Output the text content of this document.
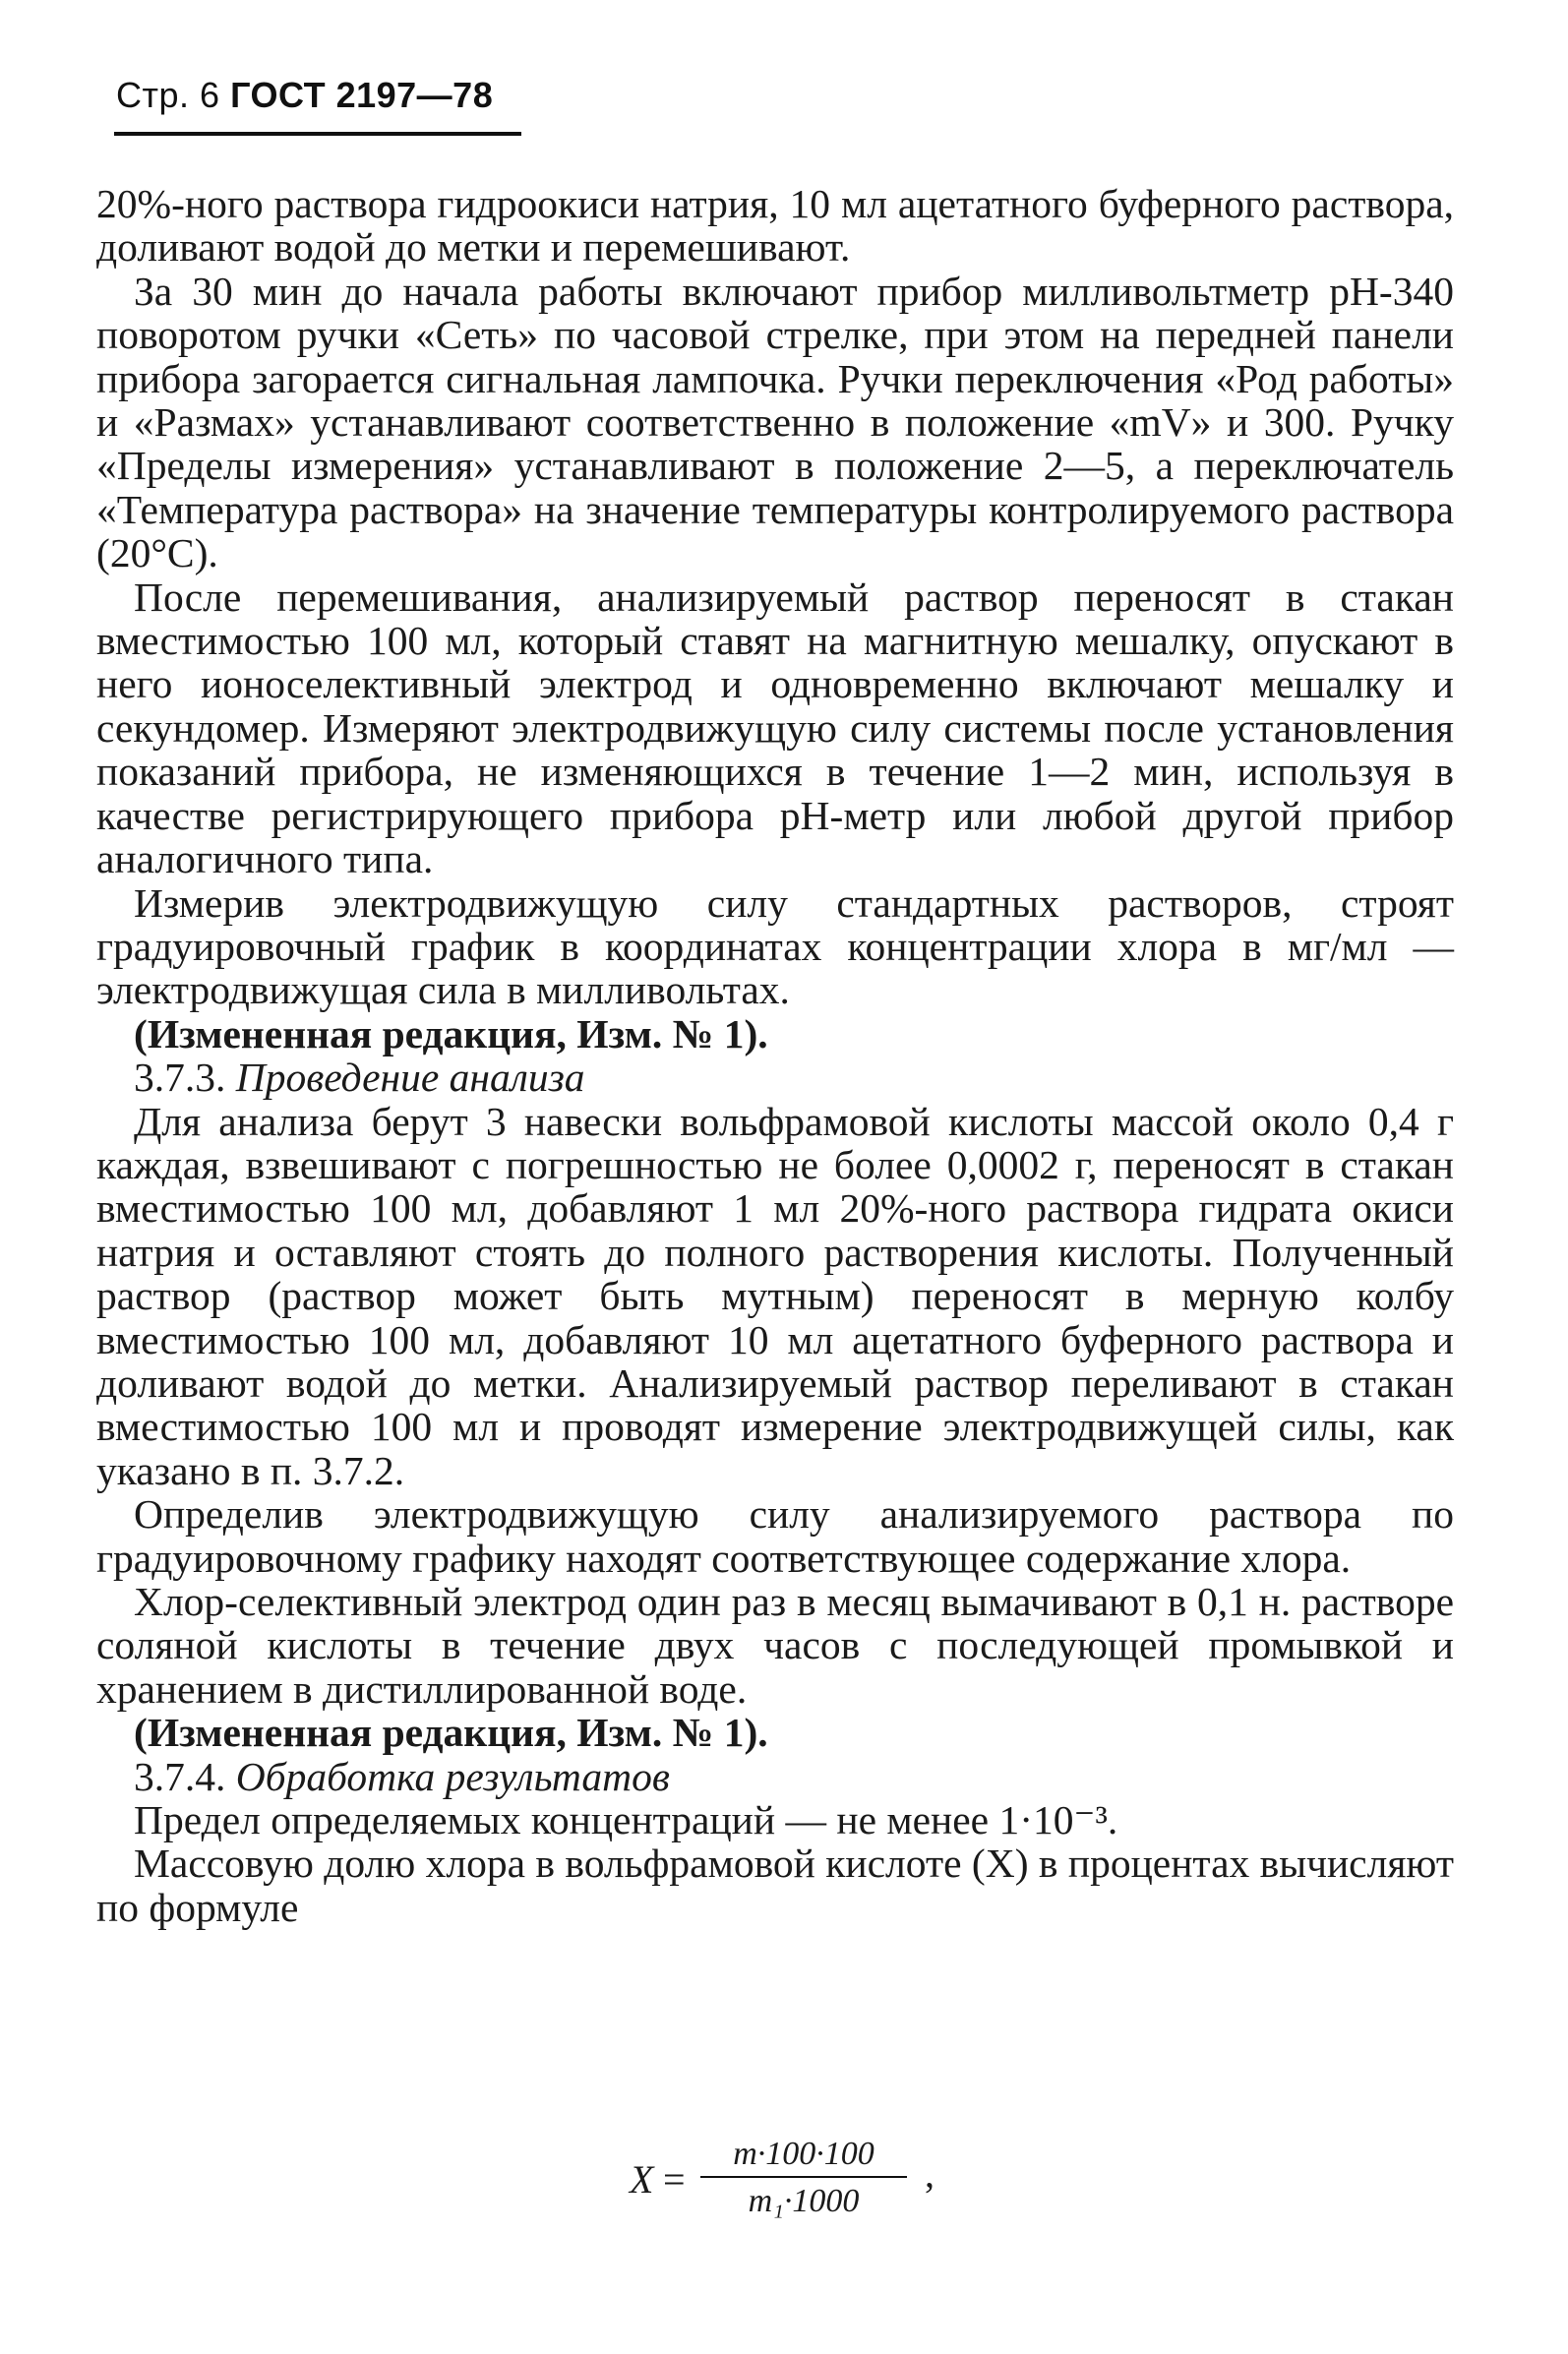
Стр. 6 ГОСТ 2197—78

20%-ного раствора гидроокиси натрия, 10 мл ацетатного буферного раствора, доливают водой до метки и перемешивают.

За 30 мин до начала работы включают прибор милливольтметр рН-340 поворотом ручки «Сеть» по часовой стрелке, при этом на передней панели прибора загорается сигнальная лампочка. Ручки переключения «Род работы» и «Размах» устанавливают соответственно в положение «mV» и 300. Ручку «Пределы измерения» устанавливают в положение 2—5, а переключатель «Температура раствора» на значение температуры контролируемого раствора (20°С).

После перемешивания, анализируемый раствор переносят в стакан вместимостью 100 мл, который ставят на магнитную мешалку, опускают в него ионоселективный электрод и одновременно включают мешалку и секундомер. Измеряют электродвижущую силу системы после установления показаний прибора, не изменяющихся в течение 1—2 мин, используя в качестве регистрирующего прибора рН-метр или любой другой прибор аналогичного типа.

Измерив электродвижущую силу стандартных растворов, строят градуировочный график в координатах концентрации хлора в мг/мл — электродвижущая сила в милливольтах.

(Измененная редакция, Изм. № 1).

3.7.3. Проведение анализа

Для анализа берут 3 навески вольфрамовой кислоты массой около 0,4 г каждая, взвешивают с погрешностью не более 0,0002 г, переносят в стакан вместимостью 100 мл, добавляют 1 мл 20%-ного раствора гидрата окиси натрия и оставляют стоять до полного растворения кислоты. Полученный раствор (раствор может быть мутным) переносят в мерную колбу вместимостью 100 мл, добавляют 10 мл ацетатного буферного раствора и доливают водой до метки. Анализируемый раствор переливают в стакан вместимостью 100 мл и проводят измерение электродвижущей силы, как указано в п. 3.7.2.

Определив электродвижущую силу анализируемого раствора по градуировочному графику находят соответствующее содержание хлора.

Хлор-селективный электрод один раз в месяц вымачивают в 0,1 н. растворе соляной кислоты в течение двух часов с последующей промывкой и хранением в дистиллированной воде.

(Измененная редакция, Изм. № 1).

3.7.4. Обработка результатов

Предел определяемых концентраций — не менее 1·10⁻³.

Массовую долю хлора в вольфрамовой кислоте (X) в процентах вычисляют по формуле

X =
m·100·100
m₁·1000
,
